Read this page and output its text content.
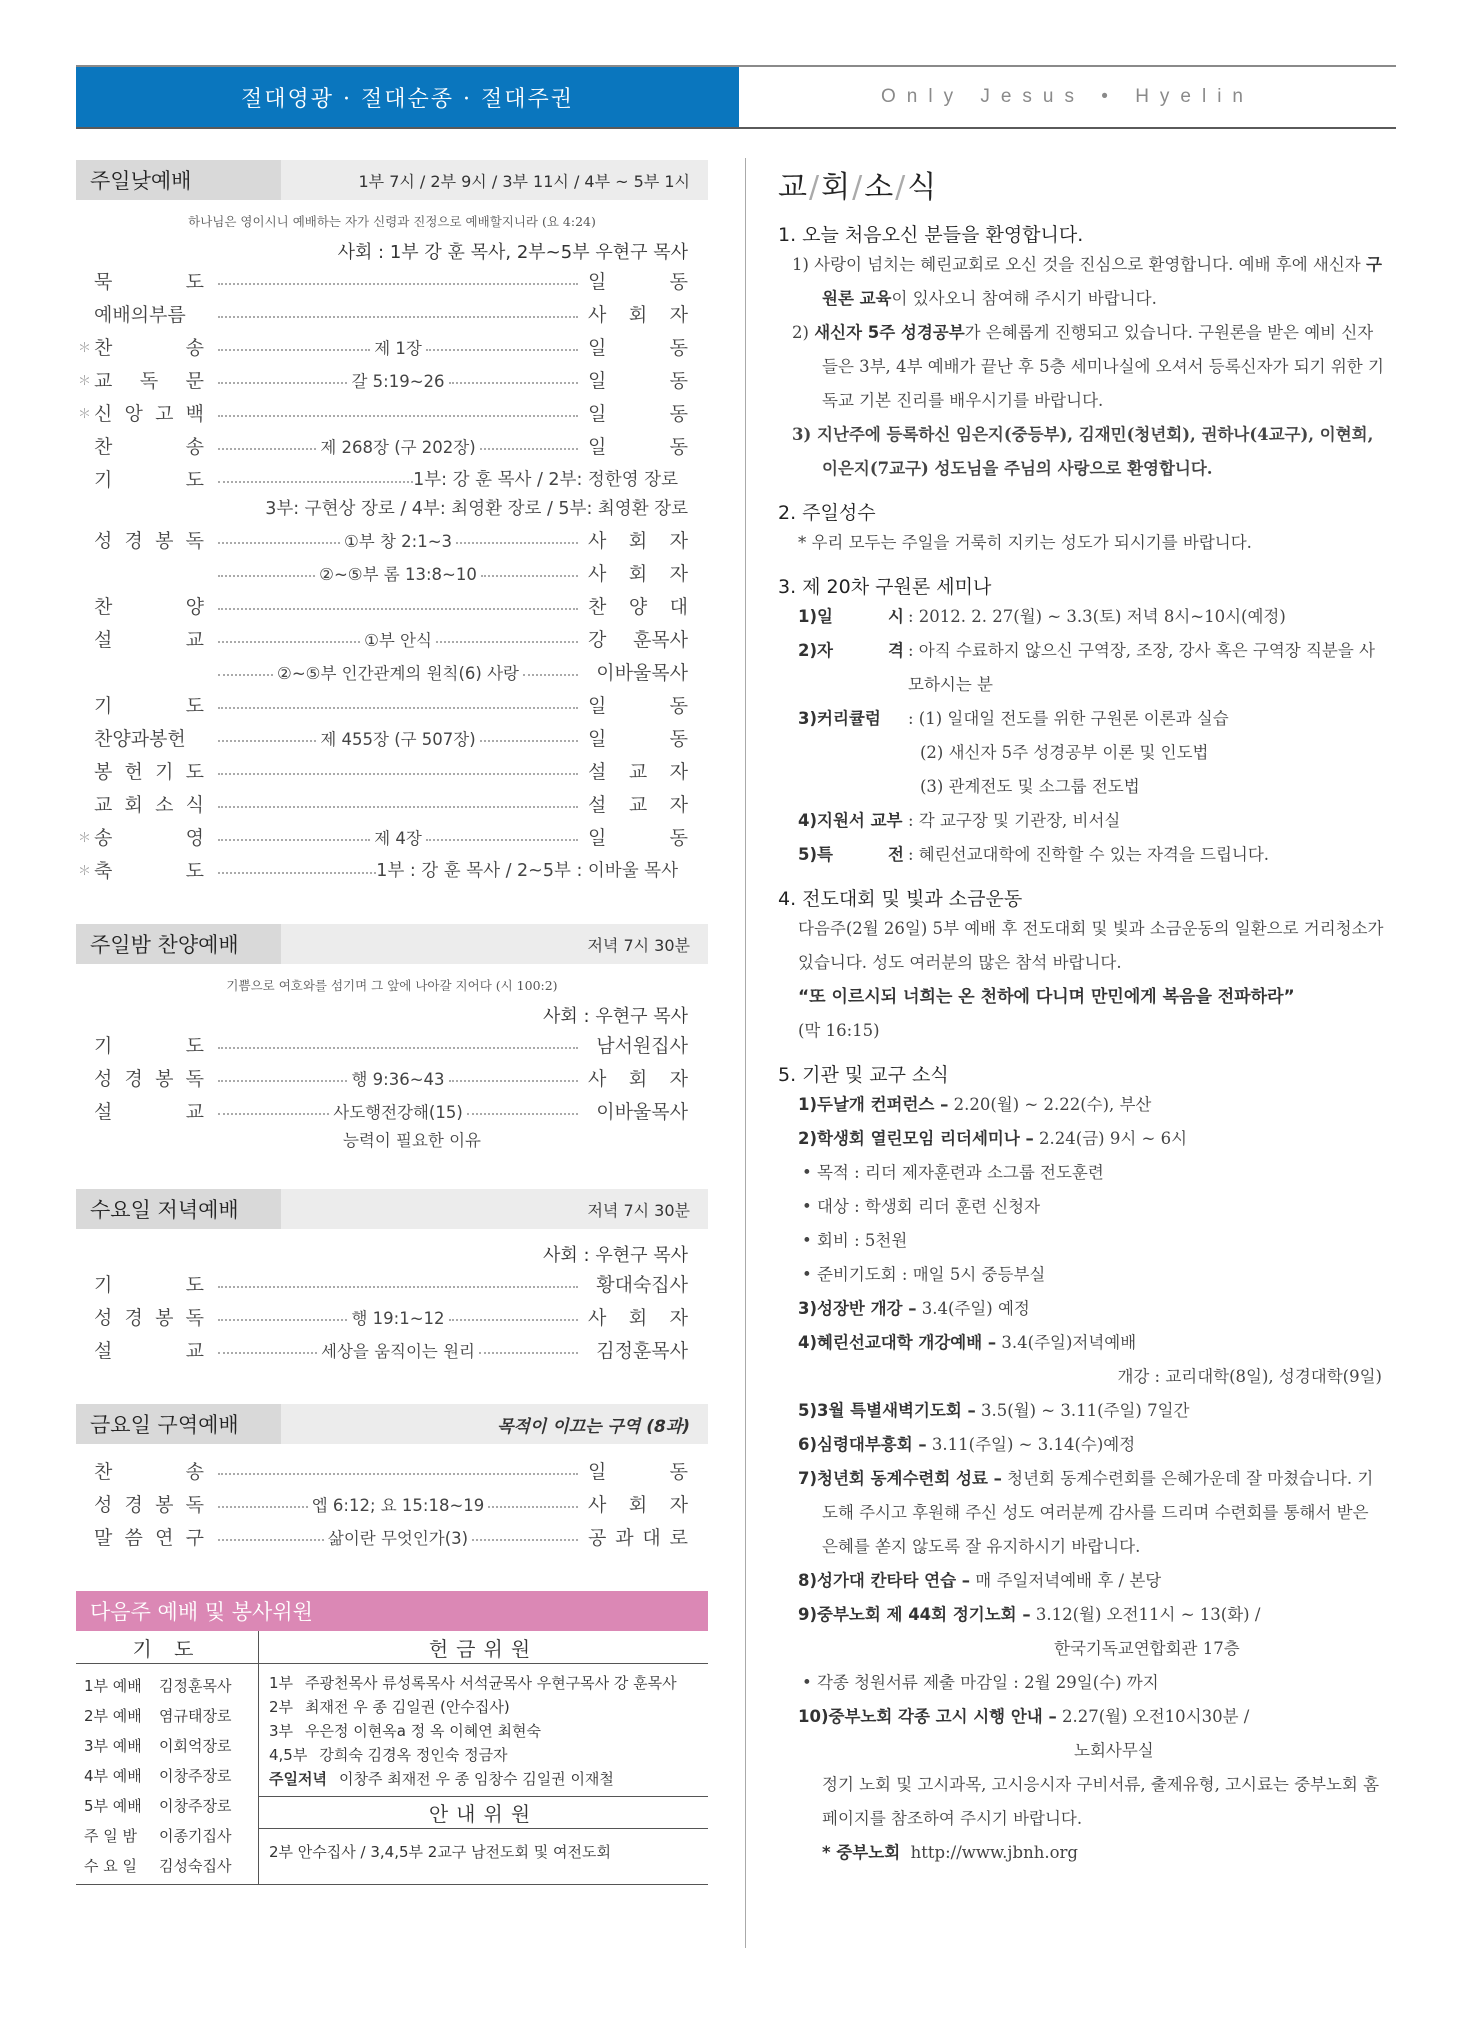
절대영광 · 절대순종 · 절대주권	Only Jesus • Hyelin
주일낮예배	1부 7시 / 2부 9시 / 3부 11시 / 4부 ~ 5부 1시
하나님은 영이시니 예배하는 자가 신령과 진정으로 예배할지니라 (요 4:24)
사회 : 1부 강 훈 목사, 2부~5부 우현구 목사
묵	도	일	동
예배의부름	사 회 자
＊ 찬	송	제 1장	일	동
＊ 교 독 문	갈 5:19~26	일	동
＊ 신 앙 고 백	일	동
찬	송	제 268장 (구 202장)	일	동
기	도	1부: 강 훈 목사 / 2부: 정한영 장로
3부: 구현상 장로 / 4부: 최영환 장로 / 5부: 최영환 장로
성 경 봉 독	①부 창 2:1~3	사 회 자
②~⑤부 롬 13:8~10	사 회 자
찬	양	찬 양 대
설	교	①부 안식	강 훈목사
②~⑤부 인간관계의 원칙(6) 사랑	이바울목사
기	도	일	동
찬양과봉헌	제 455장 (구 507장)	일	동
봉 헌 기 도	설 교 자
교 회 소 식	설 교 자
＊ 송	영	제 4장	일	동
＊ 축	도	1부 : 강 훈 목사 / 2~5부 : 이바울 목사
주일밤 찬양예배	저녁 7시 30분
기쁨으로 여호와를 섬기며 그 앞에 나아갈 지어다 (시 100:2)
사회 : 우현구 목사
기	도	남서원집사
성 경 봉 독	행 9:36~43	사 회 자
설	교	사도행전강해(15)	이바울목사
능력이 필요한 이유
수요일 저녁예배	저녁 7시 30분
사회 : 우현구 목사
기	도	황대숙집사
성 경 봉 독	행 19:1~12	사 회 자
설	교	세상을 움직이는 원리	김정훈목사
금요일 구역예배	목적이 이끄는 구역 (8과)
찬	송	일	동
성 경 봉 독	엡 6:12; 요 15:18~19	사 회 자
말 씀 연 구	삶이란 무엇인가(3)	공 과 대 로
다음주 예배 및 봉사위원
기 도
1부 예배	김정훈목사
2부 예배	염규태장로
3부 예배	이회억장로
4부 예배	이창주장로
5부 예배	이창주장로
주 일 밤	이종기집사
수 요 일	김성숙집사
헌금위원
1부 주광천목사 류성록목사 서석균목사 우현구목사 강 훈목사
2부 최재전 우 종 김일권 (안수집사)
3부 우은정 이현옥a 정 옥 이혜연 최현숙
4,5부 강희숙 김경옥 정인숙 정금자
주일저녁 이창주 최재전 우 종 임창수 김일권 이재철
안내위원
2부 안수집사 / 3,4,5부 2교구 남전도회 및 여전도회
교/회/소/식
1. 오늘 처음오신 분들을 환영합니다.
1) 사랑이 넘치는 혜린교회로 오신 것을 진심으로 환영합니다. 예배 후에 새신자 구원론 교육이 있사오니 참여해 주시기 바랍니다.
2) 새신자 5주 성경공부가 은혜롭게 진행되고 있습니다. 구원론을 받은 예비 신자들은 3부, 4부 예배가 끝난 후 5층 세미나실에 오셔서 등록신자가 되기 위한 기독교 기본 진리를 배우시기를 바랍니다.
3) 지난주에 등록하신 임은지(중등부), 김재민(청년회), 권하나(4교구), 이현희, 이은지(7교구) 성도님을 주님의 사랑으로 환영합니다.
2. 주일성수
* 우리 모두는 주일을 거룩히 지키는 성도가 되시기를 바랍니다.
3. 제 20차 구원론 세미나
1)일	시 : 2012. 2. 27(월) ~ 3.3(토) 저녁 8시~10시(예정)
2)자	격 : 아직 수료하지 않으신 구역장, 조장, 강사 혹은 구역장 직분을 사모하시는 분
3)커리큘럼 : (1) 일대일 전도를 위한 구원론 이론과 실습
(2) 새신자 5주 성경공부 이론 및 인도법
(3) 관계전도 및 소그룹 전도법
4)지원서 교부 : 각 교구장 및 기관장, 비서실
5)특	전 : 혜린선교대학에 진학할 수 있는 자격을 드립니다.
4. 전도대회 및 빛과 소금운동
다음주(2월 26일) 5부 예배 후 전도대회 및 빛과 소금운동의 일환으로 거리청소가 있습니다. 성도 여러분의 많은 참석 바랍니다.
“또 이르시되 너희는 온 천하에 다니며 만민에게 복음을 전파하라”
(막 16:15)
5. 기관 및 교구 소식
1)두날개 컨퍼런스 – 2.20(월) ~ 2.22(수), 부산
2)학생회 열린모임 리더세미나 – 2.24(금) 9시 ~ 6시
• 목적 : 리더 제자훈련과 소그룹 전도훈련
• 대상 : 학생회 리더 훈련 신청자
• 회비 : 5천원
• 준비기도회 : 매일 5시 중등부실
3)성장반 개강 – 3.4(주일) 예정
4)혜린선교대학 개강예배 – 3.4(주일)저녁예배
개강 : 교리대학(8일), 성경대학(9일)
5)3월 특별새벽기도회 – 3.5(월) ~ 3.11(주일) 7일간
6)심령대부흥회 – 3.11(주일) ~ 3.14(수)예정
7)청년회 동계수련회 성료 – 청년회 동계수련회를 은혜가운데 잘 마쳤습니다. 기도해 주시고 후원해 주신 성도 여러분께 감사를 드리며 수련회를 통해서 받은 은혜를 쏟지 않도록 잘 유지하시기 바랍니다.
8)성가대 칸타타 연습 – 매 주일저녁예배 후 / 본당
9)중부노회 제 44회 정기노회 – 3.12(월) 오전11시 ~ 13(화) /
한국기독교연합회관 17층
• 각종 청원서류 제출 마감일 : 2월 29일(수) 까지
10)중부노회 각종 고시 시행 안내 – 2.27(월) 오전10시30분 /
노회사무실
정기 노회 및 고시과목, 고시응시자 구비서류, 출제유형, 고시료는 중부노회 홈페이지를 참조하여 주시기 바랍니다.
* 중부노회 http://www.jbnh.org
